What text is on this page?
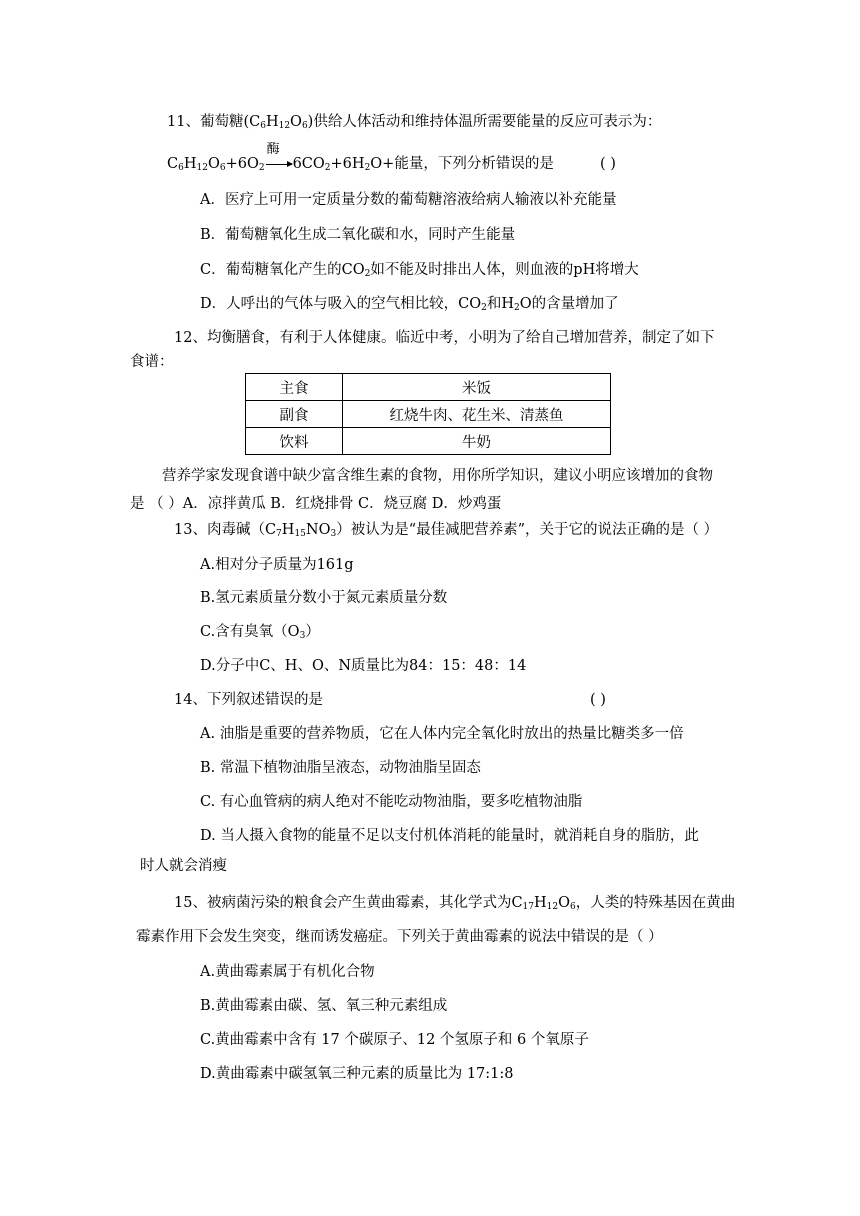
11、葡萄糖$(C_6H_{12}O_6)$供给人体活动和维持体温所需要能量的反应可表示为：
$C_6H_{12}O_6+6O_2$
酶
$6CO_2+6H_2O+$能量，下列分析错误的是	( )
A．医疗上可用一定质量分数的葡萄糖溶液给病人输液以补充能量
B．葡萄糖氧化生成二氧化碳和水，同时产生能量
C．葡萄糖氧化产生的$CO_2$如不能及时排出人体，则血液的pH将增大
D．人呼出的气体与吸入的空气相比较，$CO_2$和$H_2O$的含量增加了
12、均衡膳食，有利于人体健康。临近中考，小明为了给自己增加营养，制定了如下
食谱：
主食	米饭
副食	红烧牛肉、花生米、清蒸鱼
饮料	牛奶
营养学家发现食谱中缺少富含维生素的食物，用你所学知识，建议小明应该增加的食物
是 （ ）A．凉拌黄瓜 B．红烧排骨 C．烧豆腐 D．炒鸡蛋
13、肉毒碱$(C_7H_{15}NO_3)$被认为是“最佳减肥营养素”，关于它的说法正确的是（ ）
A.相对分子质量为161g
B.氢元素质量分数小于氮元素质量分数
C.含有臭氧$(O_3)$
D.分子中C、H、O、N质量比为84：15：48：14
14、下列叙述错误的是	( )
A. 油脂是重要的营养物质，它在人体内完全氧化时放出的热量比糖类多一倍
B. 常温下植物油脂呈液态，动物油脂呈固态
C. 有心血管病的病人绝对不能吃动物油脂，要多吃植物油脂
D. 当人摄入食物的能量不足以支付机体消耗的能量时，就消耗自身的脂肪，此
时人就会消瘦
15、被病菌污染的粮食会产生黄曲霉素，其化学式为$C_{17}H_{12}O_6$，人类的特殊基因在黄曲
霉素作用下会发生突变，继而诱发癌症。下列关于黄曲霉素的说法中错误的是（ ）
A.黄曲霉素属于有机化合物
B.黄曲霉素由碳、氢、氧三种元素组成
C.黄曲霉素中含有 17 个碳原子、12 个氢原子和 6 个氧原子
D.黄曲霉素中碳氢氧三种元素的质量比为 17:1:8
